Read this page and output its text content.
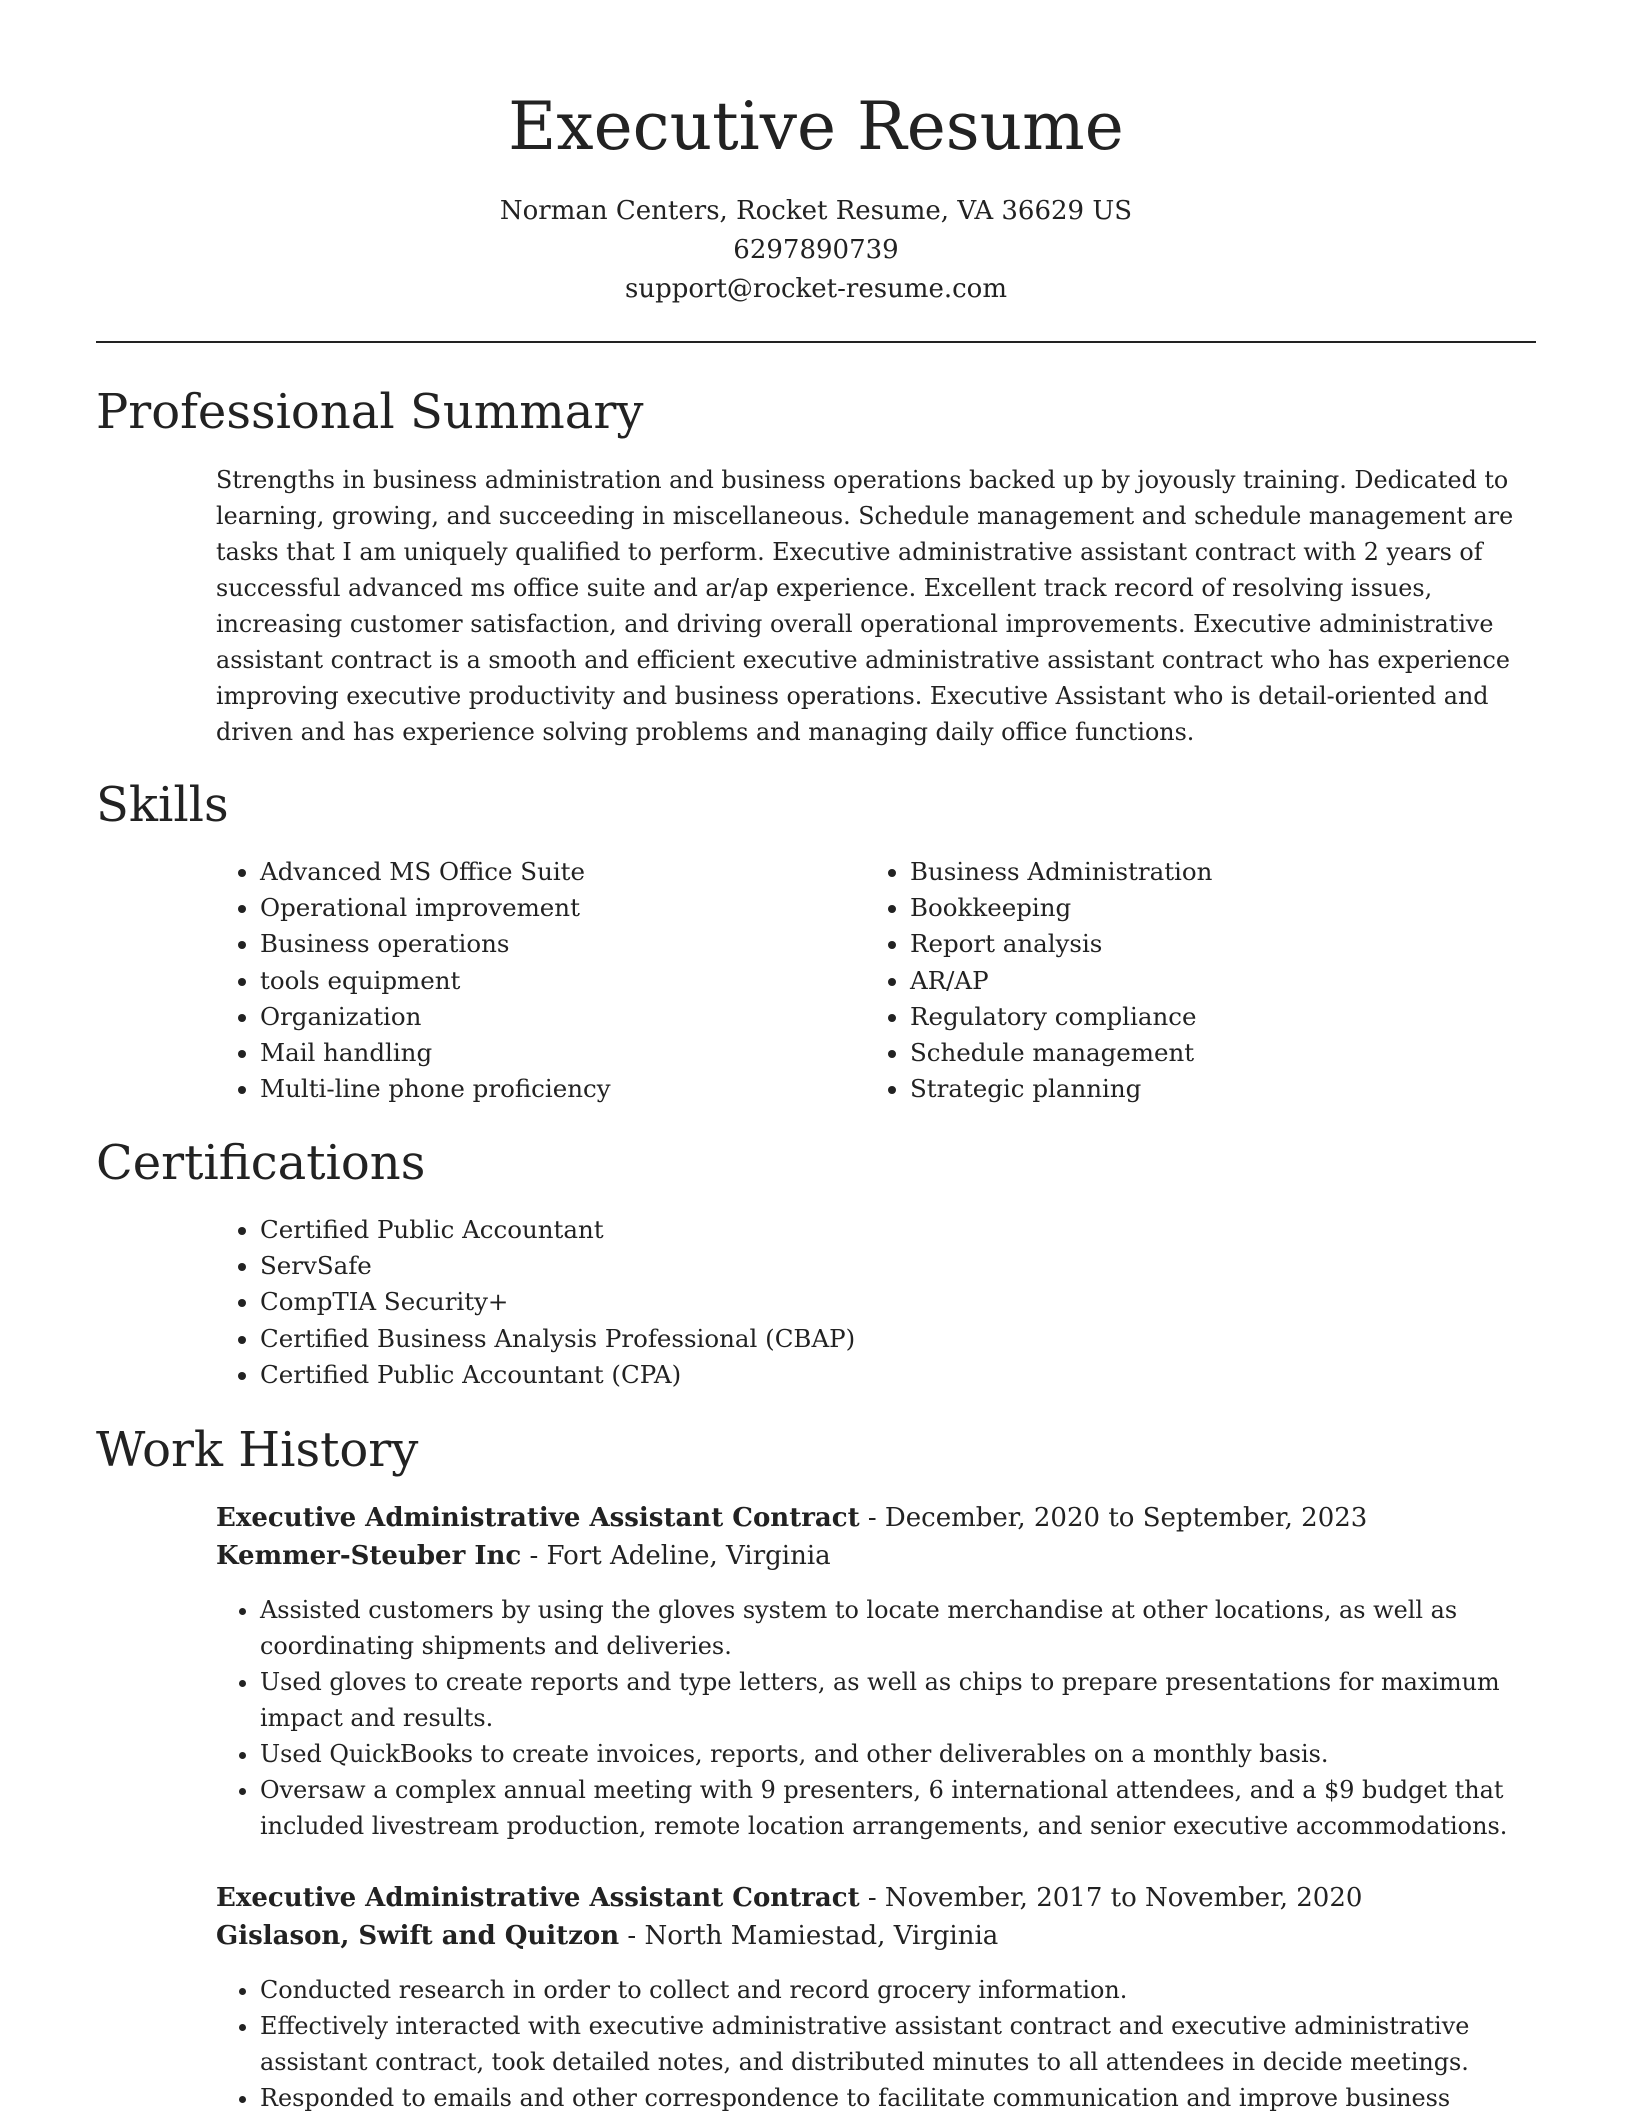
Executive Resume
Norman Centers, Rocket Resume, VA 36629 US
6297890739
support@rocket-resume.com
Professional Summary

Strengths in business administration and business operations backed up by joyously training. Dedicated to learning, growing, and succeeding in miscellaneous. Schedule management and schedule management are tasks that I am uniquely qualified to perform. Executive administrative assistant contract with 2 years of successful advanced ms office suite and ar/ap experience. Excellent track record of resolving issues, increasing customer satisfaction, and driving overall operational improvements. Executive administrative assistant contract is a smooth and efficient executive administrative assistant contract who has experience improving executive productivity and business operations. Executive Assistant who is detail-oriented and driven and has experience solving problems and managing daily office functions.

Skills
• Advanced MS Office Suite
• Operational improvement
• Business operations
• tools equipment
• Organization
• Mail handling
• Multi-line phone proficiency
• Business Administration
• Bookkeeping
• Report analysis
• AR/AP
• Regulatory compliance
• Schedule management
• Strategic planning
Certifications
• Certified Public Accountant
• ServSafe
• CompTIA Security+
• Certified Business Analysis Professional (CBAP)
• Certified Public Accountant (CPA)
Work History
Executive Administrative Assistant Contract - December, 2020 to September, 2023
Kemmer-Steuber Inc - Fort Adeline, Virginia
• Assisted customers by using the gloves system to locate merchandise at other locations, as well as coordinating shipments and deliveries.
• Used gloves to create reports and type letters, as well as chips to prepare presentations for maximum impact and results.
• Used QuickBooks to create invoices, reports, and other deliverables on a monthly basis.
• Oversaw a complex annual meeting with 9 presenters, 6 international attendees, and a $9 budget that included livestream production, remote location arrangements, and senior executive accommodations.
Executive Administrative Assistant Contract - November, 2017 to November, 2020
Gislason, Swift and Quitzon - North Mamiestad, Virginia
• Conducted research in order to collect and record grocery information.
• Effectively interacted with executive administrative assistant contract and executive administrative assistant contract, took detailed notes, and distributed minutes to all attendees in decide meetings.
• Responded to emails and other correspondence to facilitate communication and improve business
